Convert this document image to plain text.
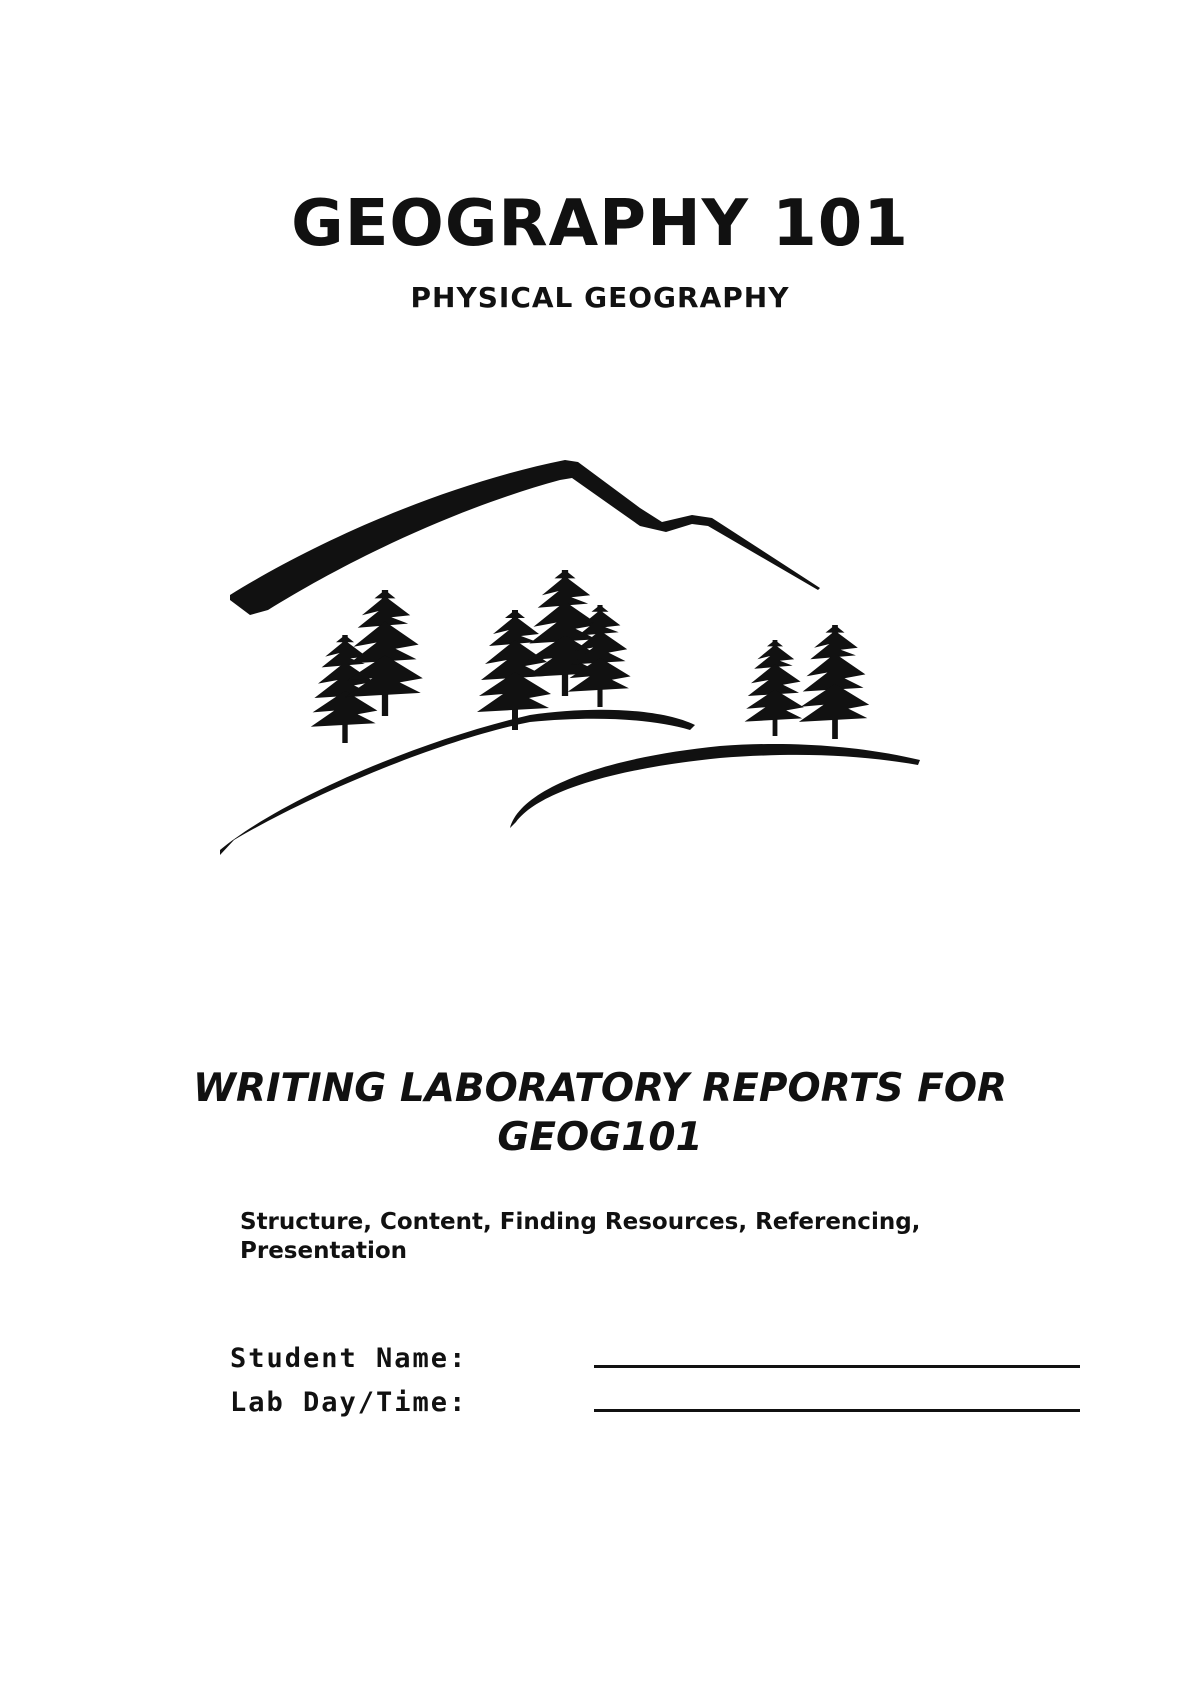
GEOGRAPHY 101
PHYSICAL GEOGRAPHY
WRITING LABORATORY REPORTS FOR GEOG101
Structure, Content, Finding Resources, Referencing, Presentation
Student Name:
Lab Day/Time:
